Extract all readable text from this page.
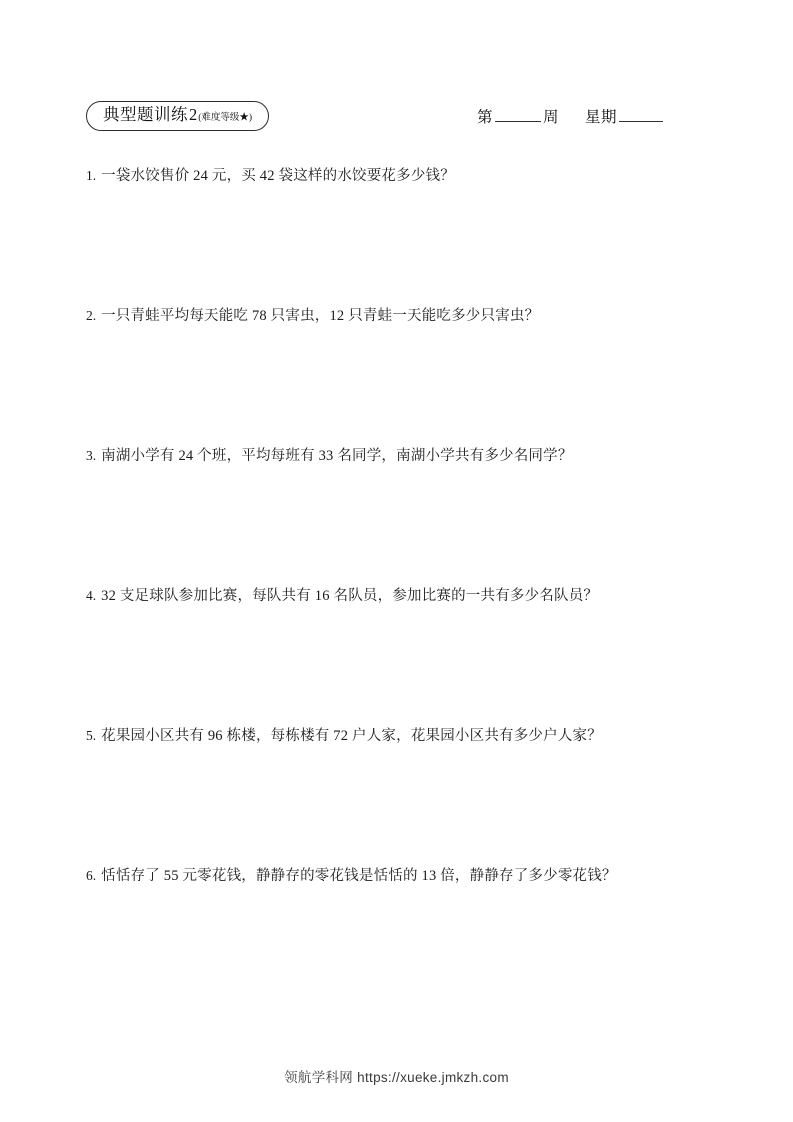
典型题训练 2 (难度等级★)	第	周 星期
1. 一袋水饺售价 24 元，买 42 袋这样的水饺要花多少钱？
2. 一只青蛙平均每天能吃 78 只害虫，12 只青蛙一天能吃多少只害虫？
3. 南湖小学有 24 个班，平均每班有 33 名同学，南湖小学共有多少名同学？
4. 32 支足球队参加比赛，每队共有 16 名队员，参加比赛的一共有多少名队员？
5. 花果园小区共有 96 栋楼，每栋楼有 72 户人家，花果园小区共有多少户人家？
6. 恬恬存了 55 元零花钱，静静存的零花钱是恬恬的 13 倍，静静存了多少零花钱？
领航学科网 https://xueke.jmkzh.com
